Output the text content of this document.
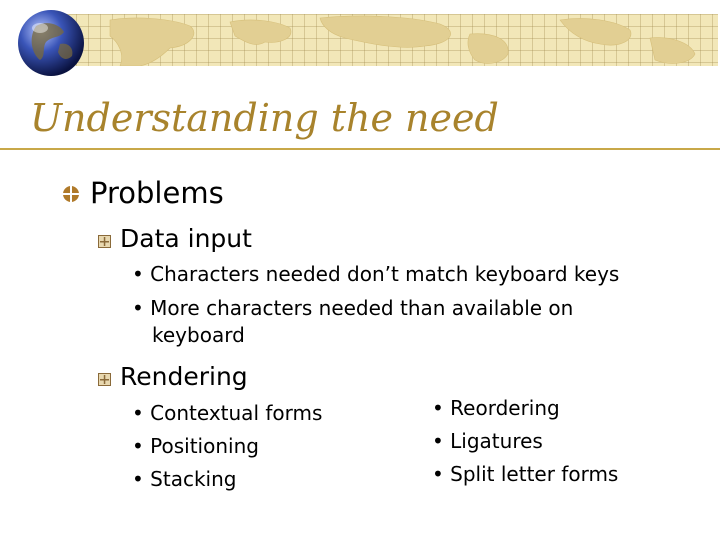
Understanding the need
Problems
Data input
• Characters needed don’t match keyboard keys
• More characters needed than available on
keyboard
Rendering
• Contextual forms
• Positioning
• Stacking
• Reordering
• Ligatures
• Split letter forms
